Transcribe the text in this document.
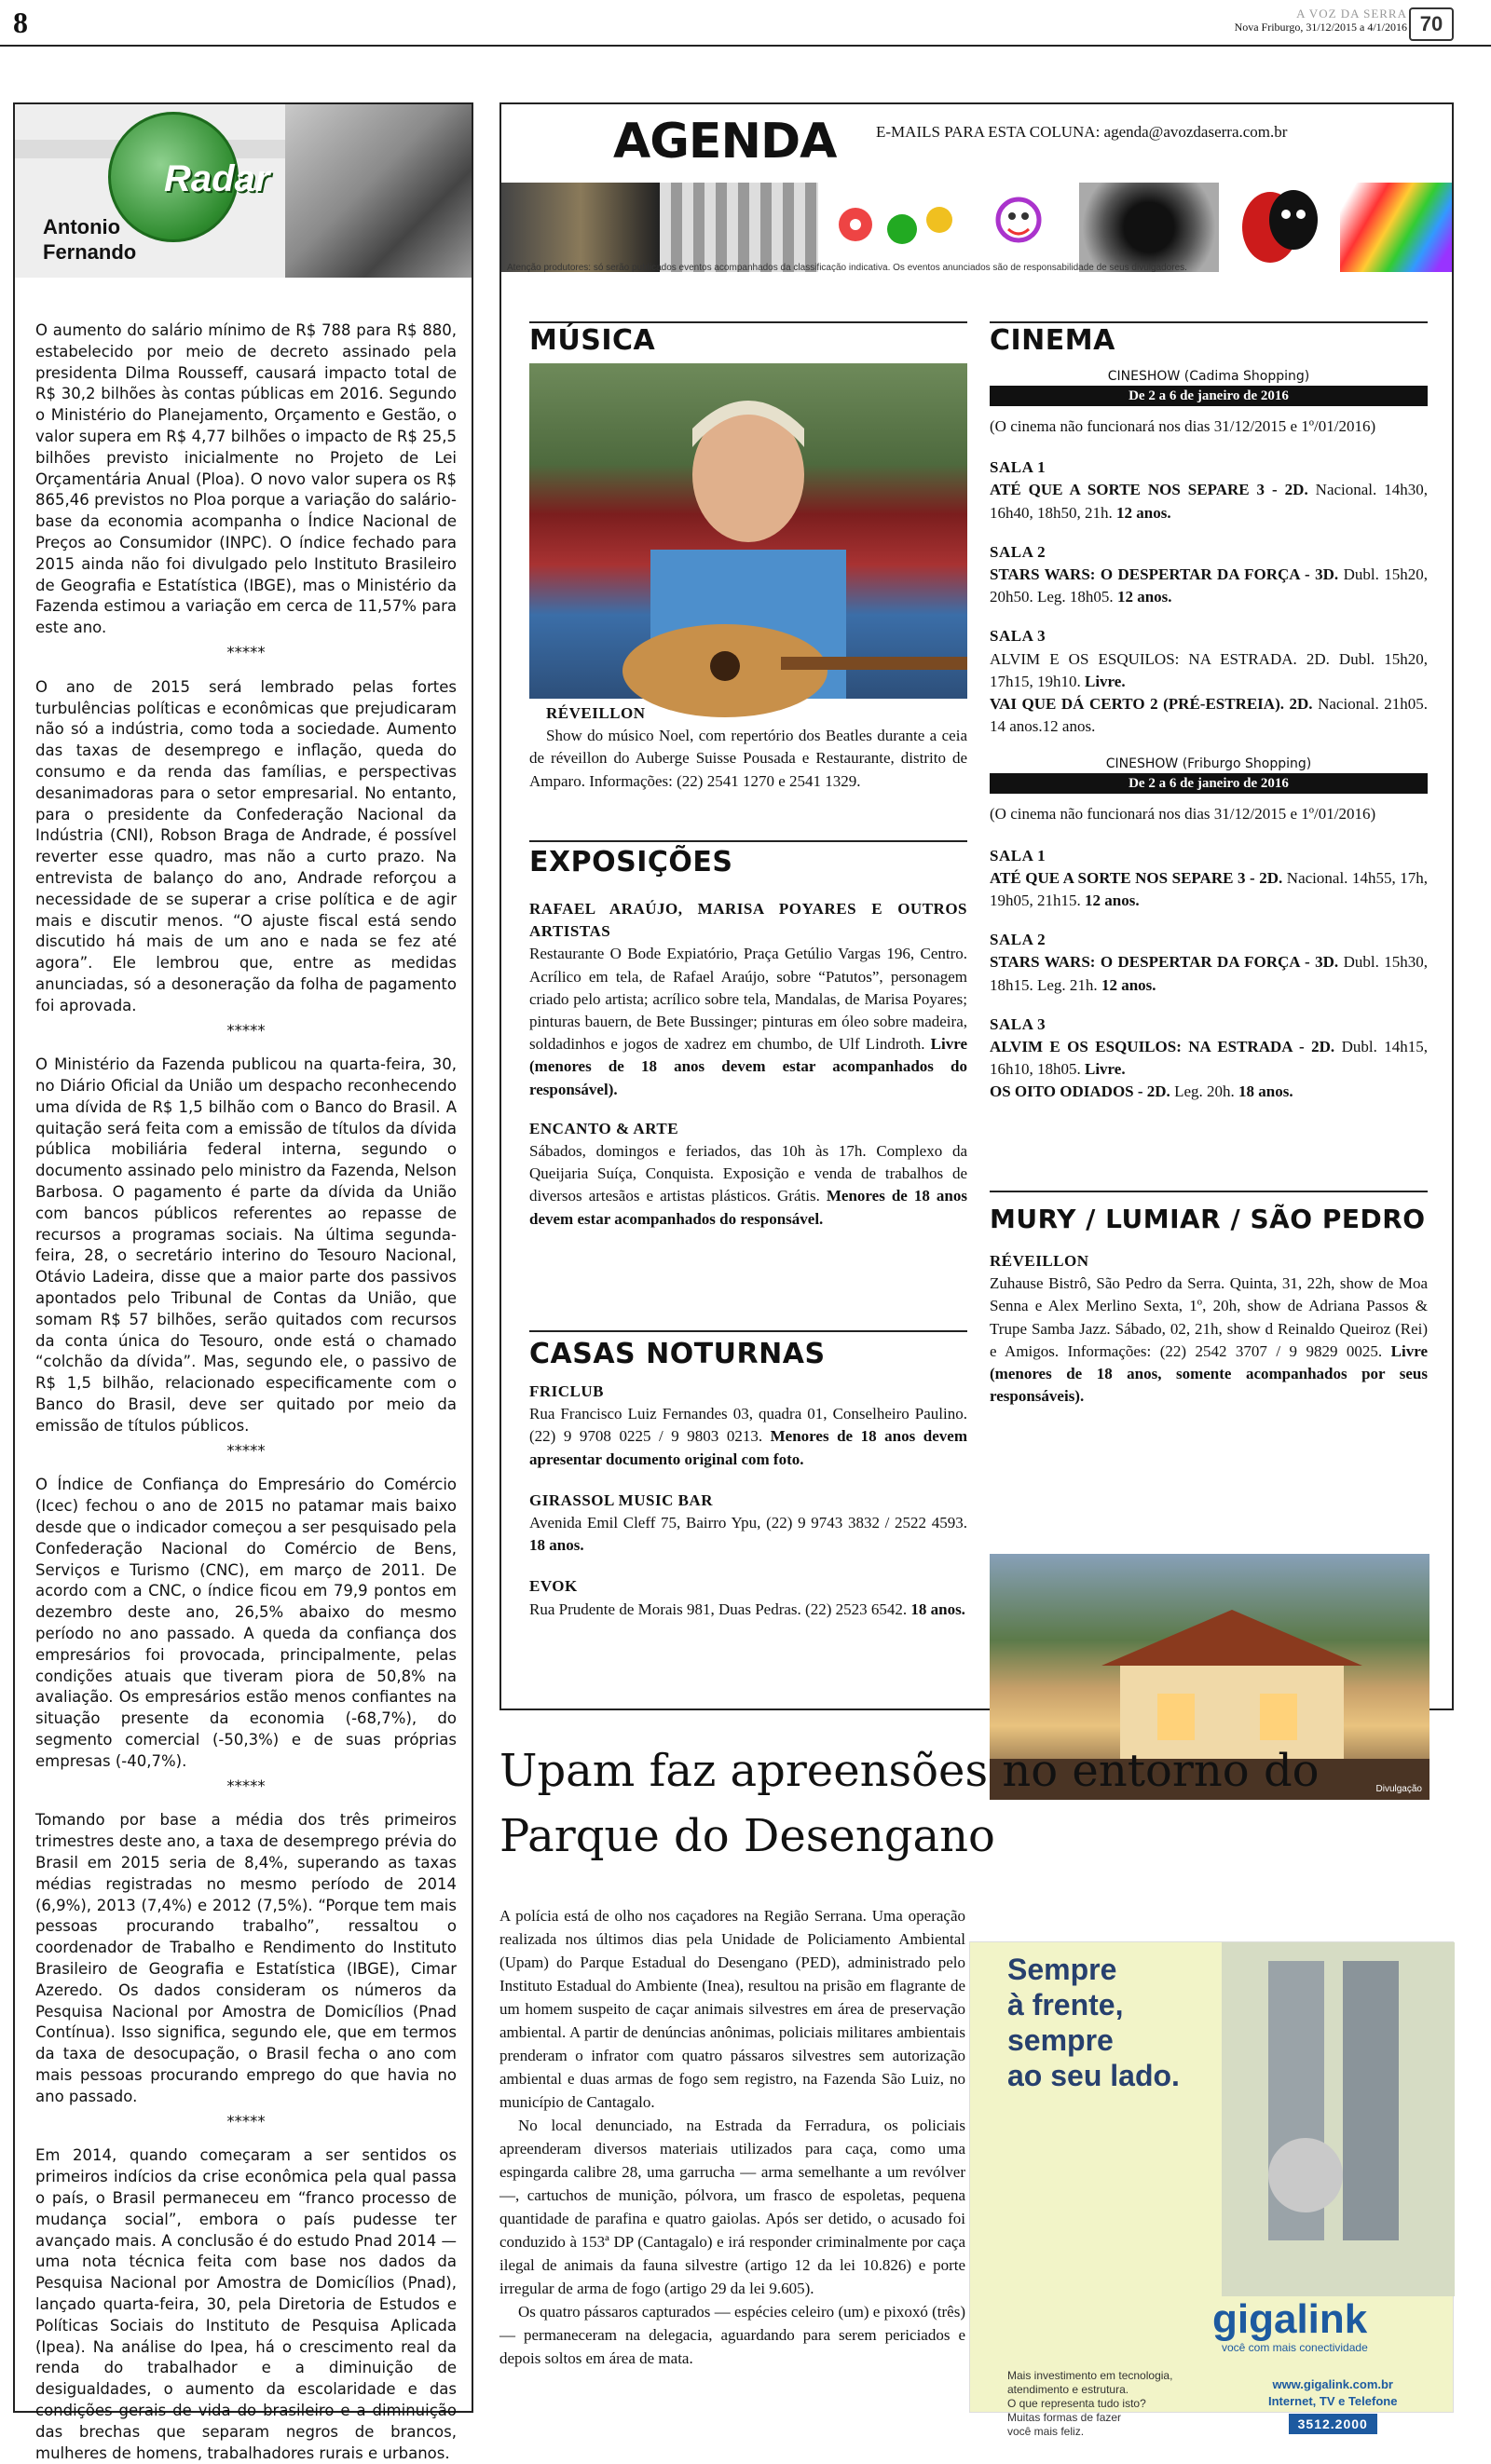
8	A VOZ DA SERRA
Nova Friburgo, 31/12/2015 a 4/1/2016 70
Radar
Antonio
Fernando

O aumento do salário mínimo de R$ 788 para R$ 880, estabelecido por meio de decreto assinado pela presidenta Dilma Rousseff, causará impacto total de R$ 30,2 bilhões às contas públicas em 2016. Segundo o Ministério do Planejamento, Orçamento e Gestão, o valor supera em R$ 4,77 bilhões o impacto de R$ 25,5 bilhões previsto inicialmente no Projeto de Lei Orçamentária Anual (Ploa). O novo valor supera os R$ 865,46 previstos no Ploa porque a variação do salário-base da economia acompanha o Índice Nacional de Preços ao Consumidor (INPC). O índice fechado para 2015 ainda não foi divulgado pelo Instituto Brasileiro de Geografia e Estatística (IBGE), mas o Ministério da Fazenda estimou a variação em cerca de 11,57% para este ano.

*****

O ano de 2015 será lembrado pelas fortes turbulências políticas e econômicas que prejudicaram não só a indústria, como toda a sociedade. Aumento das taxas de desemprego e inflação, queda do consumo e da renda das famílias, e perspectivas desanimadoras para o setor empresarial. No entanto, para o presidente da Confederação Nacional da Indústria (CNI), Robson Braga de Andrade, é possível reverter esse quadro, mas não a curto prazo. Na entrevista de balanço do ano, Andrade reforçou a necessidade de se superar a crise política e de agir mais e discutir menos. “O ajuste fiscal está sendo discutido há mais de um ano e nada se fez até agora”. Ele lembrou que, entre as medidas anunciadas, só a desoneração da folha de pagamento foi aprovada.

*****

O Ministério da Fazenda publicou na quarta-feira, 30, no Diário Oficial da União um despacho reconhecendo uma dívida de R$ 1,5 bilhão com o Banco do Brasil. A quitação será feita com a emissão de títulos da dívida pública mobiliária federal interna, segundo o documento assinado pelo ministro da Fazenda, Nelson Barbosa. O pagamento é parte da dívida da União com bancos públicos referentes ao repasse de recursos a programas sociais. Na última segunda-feira, 28, o secretário interino do Tesouro Nacional, Otávio Ladeira, disse que a maior parte dos passivos apontados pelo Tribunal de Contas da União, que somam R$ 57 bilhões, serão quitados com recursos da conta única do Tesouro, onde está o chamado “colchão da dívida”. Mas, segundo ele, o passivo de R$ 1,5 bilhão, relacionado especificamente com o Banco do Brasil, deve ser quitado por meio da emissão de títulos públicos.

*****

O Índice de Confiança do Empresário do Comércio (Icec) fechou o ano de 2015 no patamar mais baixo desde que o indicador começou a ser pesquisado pela Confederação Nacional do Comércio de Bens, Serviços e Turismo (CNC), em março de 2011. De acordo com a CNC, o índice ficou em 79,9 pontos em dezembro deste ano, 26,5% abaixo do mesmo período no ano passado. A queda da confiança dos empresários foi provocada, principalmente, pelas condições atuais que tiveram piora de 50,8% na avaliação. Os empresários estão menos confiantes na situação presente da economia (-68,7%), do segmento comercial (-50,3%) e de suas próprias empresas (-40,7%).

*****

Tomando por base a média dos três primeiros trimestres deste ano, a taxa de desemprego prévia do Brasil em 2015 seria de 8,4%, superando as taxas médias registradas no mesmo período de 2014 (6,9%), 2013 (7,4%) e 2012 (7,5%). “Porque tem mais pessoas procurando trabalho”, ressaltou o coordenador de Trabalho e Rendimento do Instituto Brasileiro de Geografia e Estatística (IBGE), Cimar Azeredo. Os dados consideram os números da Pesquisa Nacional por Amostra de Domicílios (Pnad Contínua). Isso significa, segundo ele, que em termos da taxa de desocupação, o Brasil fecha o ano com mais pessoas procurando emprego do que havia no ano passado.

*****

Em 2014, quando começaram a ser sentidos os primeiros indícios da crise econômica pela qual passa o país, o Brasil permaneceu em “franco processo de mudança social”, embora o país pudesse ter avançado mais. A conclusão é do estudo Pnad 2014 — uma nota técnica feita com base nos dados da Pesquisa Nacional por Amostra de Domicílios (Pnad), lançado quarta-feira, 30, pela Diretoria de Estudos e Políticas Sociais do Instituto de Pesquisa Aplicada (Ipea). Na análise do Ipea, há o crescimento real da renda do trabalhador e a diminuição de desigualdades, o aumento da escolaridade e das condições gerais de vida do brasileiro e a diminuição das brechas que separam negros de brancos, mulheres de homens, trabalhadores rurais e urbanos.

AGENDA	E-MAILS PARA ESTA COLUNA: agenda@avozdaserra.com.br
Atenção produtores: só serão publicados eventos acompanhados da classificação indicativa. Os eventos anunciados são de responsabilidade de seus divulgadores.
MÚSICA
RÉVEILLON
Show do músico Noel, com repertório dos Beatles durante a ceia de réveillon do Auberge Suisse Pousada e Restaurante, distrito de Amparo. Informações: (22) 2541 1270 e 2541 1329.
EXPOSIÇÕES
RAFAEL ARAÚJO, MARISA POYARES E OUTROS ARTISTAS
Restaurante O Bode Expiatório, Praça Getúlio Vargas 196, Centro. Acrílico em tela, de Rafael Araújo, sobre “Patutos”, personagem criado pelo artista; acrílico sobre tela, Mandalas, de Marisa Poyares; pinturas bauern, de Bete Bussinger; pinturas em óleo sobre madeira, soldadinhos e jogos de xadrez em chumbo, de Ulf Lindroth. Livre (menores de 18 anos devem estar acompanhados do responsável).
ENCANTO & ARTE
Sábados, domingos e feriados, das 10h às 17h. Complexo da Queijaria Suíça, Conquista. Exposição e venda de trabalhos de diversos artesãos e artistas plásticos. Grátis. Menores de 18 anos devem estar acompanhados do responsável.
CASAS NOTURNAS
FRICLUB
Rua Francisco Luiz Fernandes 03, quadra 01, Conselheiro Paulino. (22) 9 9708 0225 / 9 9803 0213. Menores de 18 anos devem apresentar documento original com foto.
GIRASSOL MUSIC BAR
Avenida Emil Cleff 75, Bairro Ypu, (22) 9 9743 3832 / 2522 4593. 18 anos.
EVOK
Rua Prudente de Morais 981, Duas Pedras. (22) 2523 6542. 18 anos.
CINEMA
CINESHOW (Cadima Shopping)
De 2 a 6 de janeiro de 2016
(O cinema não funcionará nos dias 31/12/2015 e 1º/01/2016)
SALA 1
ATÉ QUE A SORTE NOS SEPARE 3 - 2D. Nacional. 14h30, 16h40, 18h50, 21h. 12 anos.
SALA 2
STARS WARS: O DESPERTAR DA FORÇA - 3D. Dubl. 15h20, 20h50. Leg. 18h05. 12 anos.
SALA 3
ALVIM E OS ESQUILOS: NA ESTRADA. 2D. Dubl. 15h20, 17h15, 19h10. Livre.
VAI QUE DÁ CERTO 2 (PRÉ-ESTREIA). 2D. Nacional. 21h05. 14 anos.12 anos.
CINESHOW (Friburgo Shopping)
De 2 a 6 de janeiro de 2016
(O cinema não funcionará nos dias 31/12/2015 e 1º/01/2016)
SALA 1
ATÉ QUE A SORTE NOS SEPARE 3 - 2D. Nacional. 14h55, 17h, 19h05, 21h15. 12 anos.
SALA 2
STARS WARS: O DESPERTAR DA FORÇA - 3D. Dubl. 15h30, 18h15. Leg. 21h. 12 anos.
SALA 3
ALVIM E OS ESQUILOS: NA ESTRADA - 2D. Dubl. 14h15, 16h10, 18h05. Livre.
OS OITO ODIADOS - 2D. Leg. 20h. 18 anos.
MURY / LUMIAR / SÃO PEDRO
RÉVEILLON
Zuhause Bistrô, São Pedro da Serra. Quinta, 31, 22h, show de Moa Senna e Alex Merlino Sexta, 1º, 20h, show de Adriana Passos & Trupe Samba Jazz. Sábado, 02, 21h, show d Reinaldo Queiroz (Rei) e Amigos. Informações: (22) 2542 3707 / 9 9829 0025. Livre (menores de 18 anos, somente acompanhados por seus responsáveis).
Divulgação
Upam faz apreensões no entorno do Parque do Desengano

A polícia está de olho nos caçadores na Região Serrana. Uma operação realizada nos últimos dias pela Unidade de Policiamento Ambiental (Upam) do Parque Estadual do Desengano (PED), administrado pelo Instituto Estadual do Ambiente (Inea), resultou na prisão em flagrante de um homem suspeito de caçar animais silvestres em área de preservação ambiental. A partir de denúncias anônimas, policiais militares ambientais prenderam o infrator com quatro pássaros silvestres sem autorização ambiental e duas armas de fogo sem registro, na Fazenda São Luiz, no município de Cantagalo.

No local denunciado, na Estrada da Ferradura, os policiais apreenderam diversos materiais utilizados para caça, como uma espingarda calibre 28, uma garrucha — arma semelhante a um revólver —, cartuchos de munição, pólvora, um frasco de espoletas, pequena quantidade de parafina e quatro gaiolas. Após ser detido, o acusado foi conduzido à 153ª DP (Cantagalo) e irá responder criminalmente por caça ilegal de animais da fauna silvestre (artigo 12 da lei 10.826) e porte irregular de arma de fogo (artigo 29 da lei 9.605).

Os quatro pássaros capturados — espécies celeiro (um) e pixoxó (três) — permaneceram na delegacia, aguardando para serem periciados e depois soltos em área de mata.

Sempre
à frente,
sempre
ao seu lado.
gigalink
você com mais conectividade
Mais investimento em tecnologia,
atendimento e estrutura.
O que representa tudo isto?
Muitas formas de fazer
você mais feliz.
www.gigalink.com.br
Internet, TV e Telefone
3512.2000
